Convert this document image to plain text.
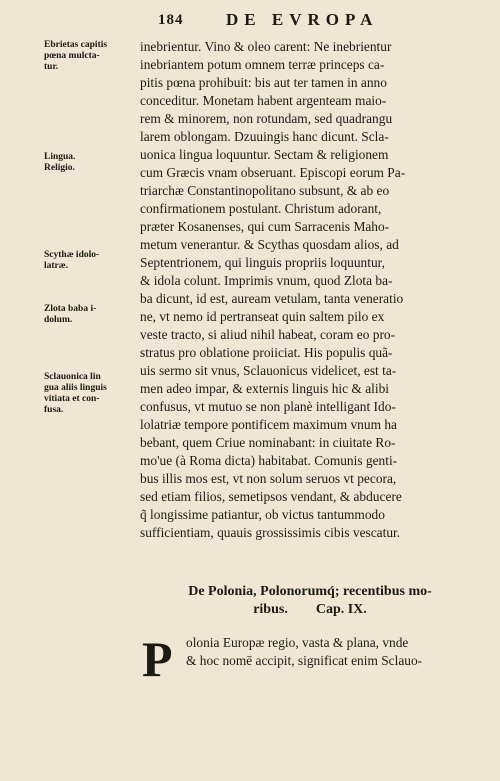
184	DE EVROPA
Ebrietas capitis
pœna mulcta-
tur.
Lingua.
Religio.
Scythæ idolo-
latræ.
Zlota baba i-
dolum.
Sclauonica lin
gua aliis linguis
vitiata et con-
fusa.
inebrientur. Vino & oleo carent: Ne inebrientur
inebriantem potum omnem terræ princeps ca-
pitis pœna prohibuit: bis aut ter tamen in anno
conceditur. Monetam habent argenteam maio-
rem & minorem, non rotundam, sed quadrangu
larem oblongam. Dzuuingis hanc dicunt. Scla-
uonica lingua loquuntur. Sectam & religionem
cum Græcis vnam obseruant. Episcopi eorum Pa-
triarchæ Constantinopolitano subsunt, & ab eo
confirmationem postulant. Christum adorant,
præter Kosanenses, qui cum Sarracenis Maho-
metum venerantur. & Scythas quosdam alios, ad
Septentrionem, qui linguis propriis loquuntur,
& idola colunt. Imprimis vnum, quod Zlota ba-
ba dicunt, id est, auream vetulam, tanta veneratio
ne, vt nemo id pertranseat quin saltem pilo ex
veste tracto, si aliud nihil habeat, coram eo pro-
stratus pro oblatione proiiciat. His populis quã-
uis sermo sit vnus, Sclauonicus videlicet, est ta-
men adeo impar, & externis linguis hic & alibi
confusus, vt mutuo se non planè intelligant Ido-
lolatriæ tempore pontificem maximum vnum ha
bebant, quem Criue nominabant: in ciuitate Ro-
mo'ue (à Roma dicta) habitabat. Comunis genti-
bus illis mos est, vt non solum seruos vt pecora,
sed etiam filios, semetipsos vendant, & abducere
q̃ longissime patiantur, ob victus tantummodo
sufficientiam, quauis grossissimis cibis vescatur.
De Polonia, Polonorumq́; recentibus mo-
ribus.        Cap. IX.
P olonia Europæ regio, vasta & plana, vnde
& hoc nomē accipit, significat enim Sclauo-
